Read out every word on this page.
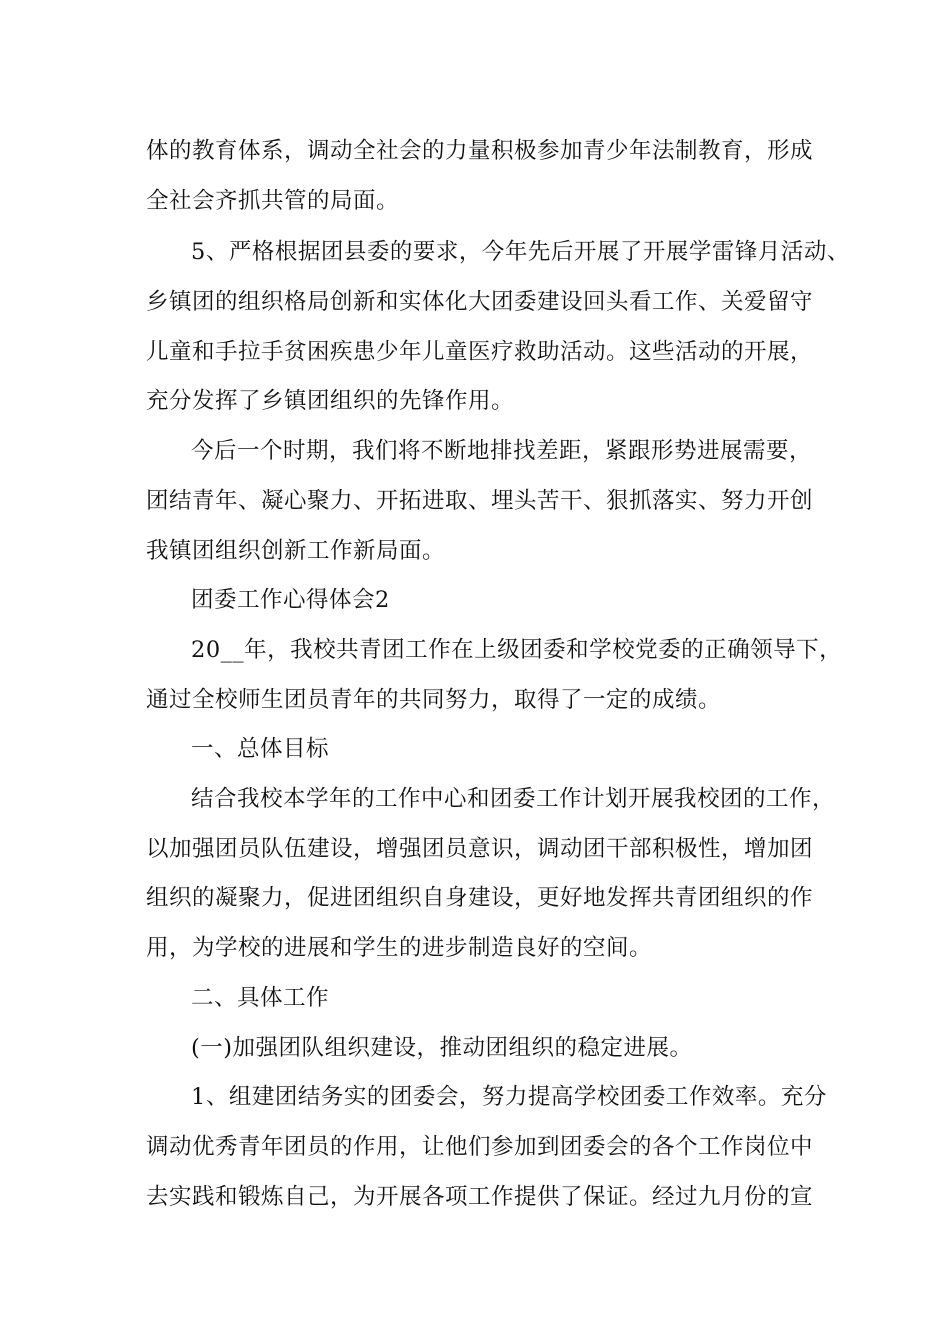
体的教育体系，调动全社会的力量积极参加青少年法制教育，形成
全社会齐抓共管的局面。
5、严格根据团县委的要求，今年先后开展了开展学雷锋月活动、
乡镇团的组织格局创新和实体化大团委建设回头看工作、关爱留守
儿童和手拉手贫困疾患少年儿童医疗救助活动。这些活动的开展，
充分发挥了乡镇团组织的先锋作用。
今后一个时期，我们将不断地排找差距，紧跟形势进展需要，
团结青年、凝心聚力、开拓进取、埋头苦干、狠抓落实、努力开创
我镇团组织创新工作新局面。
团委工作心得体会2
20__年，我校共青团工作在上级团委和学校党委的正确领导下，
通过全校师生团员青年的共同努力，取得了一定的成绩。
一、总体目标
结合我校本学年的工作中心和团委工作计划开展我校团的工作，
以加强团员队伍建设，增强团员意识，调动团干部积极性，增加团
组织的凝聚力，促进团组织自身建设，更好地发挥共青团组织的作
用，为学校的进展和学生的进步制造良好的空间。
二、具体工作
(一)加强团队组织建设，推动团组织的稳定进展。
1、组建团结务实的团委会，努力提高学校团委工作效率。充分
调动优秀青年团员的作用，让他们参加到团委会的各个工作岗位中
去实践和锻炼自己，为开展各项工作提供了保证。经过九月份的宣
